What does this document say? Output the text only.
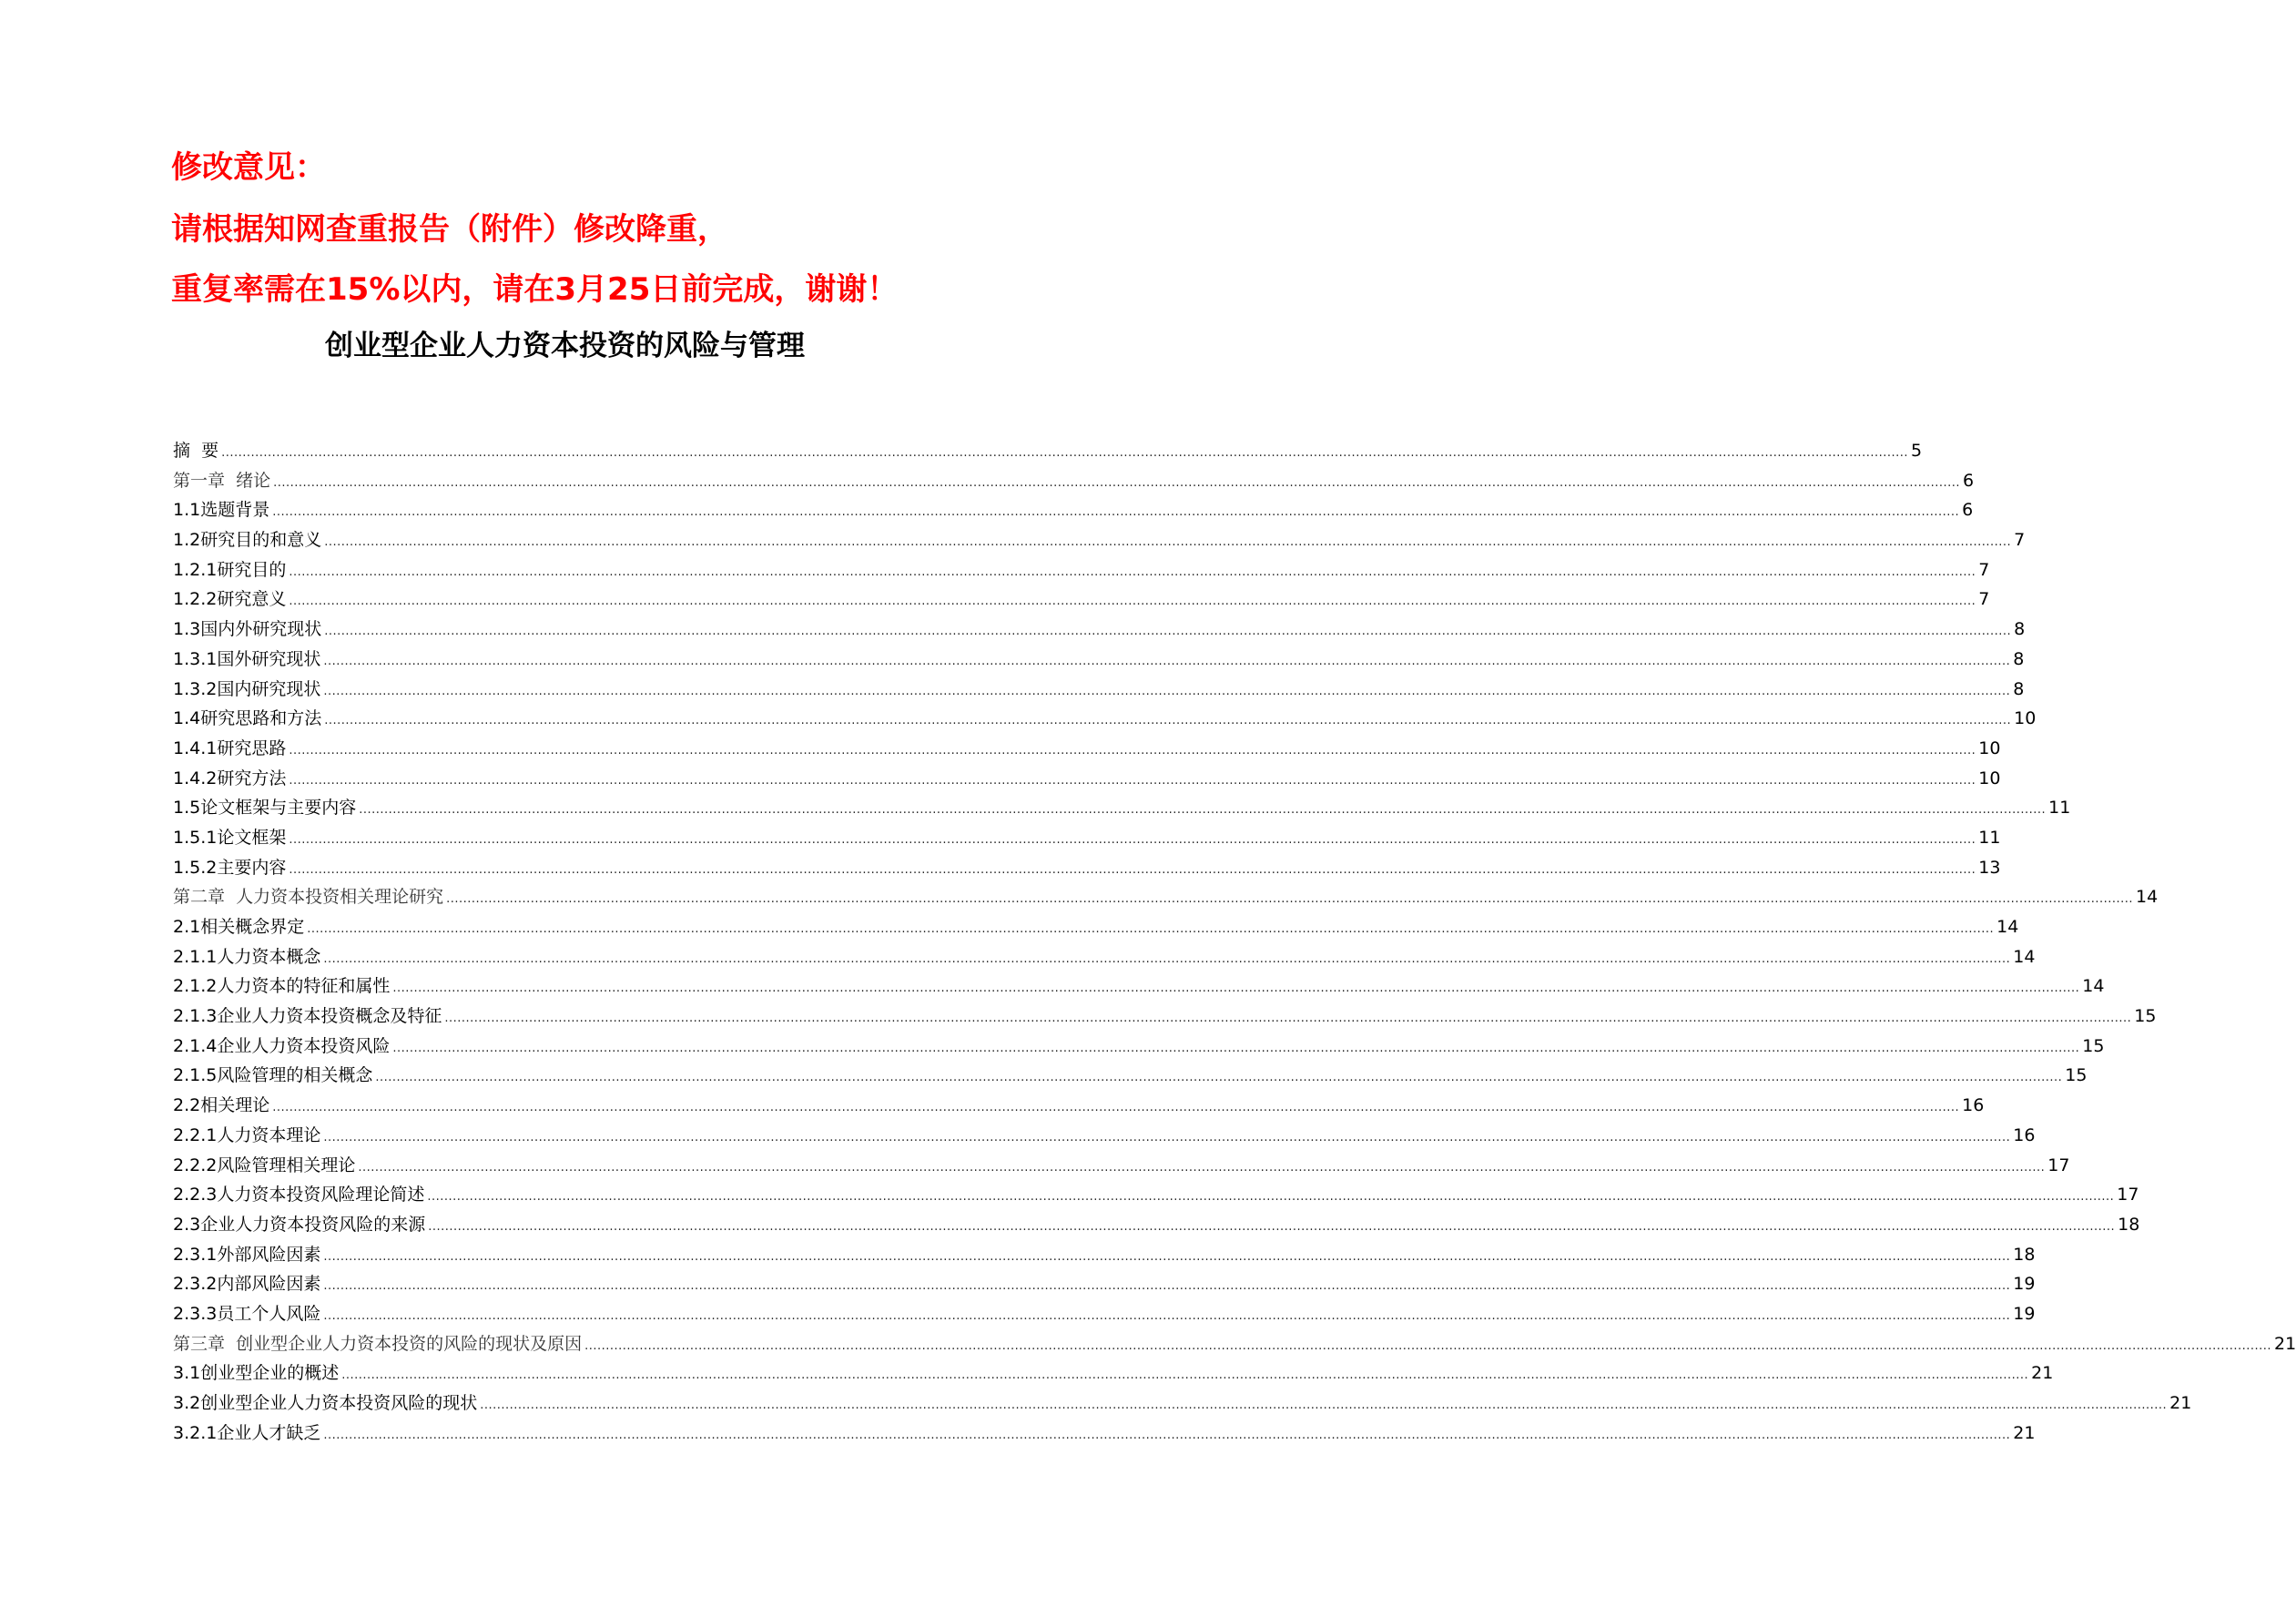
修改意见：
请根据知网查重报告（附件）修改降重，
重复率需在15%以内，请在3月25日前完成，谢谢！
创业型企业人力资本投资的风险与管理
摘  要 ................................................................................................................................................................................................................................................................................................................................................................................................................ 5
第一章  绪论 ................................................................................................................................................................................................................................................................................................................................................................................................................ 6
1.1选题背景 ................................................................................................................................................................................................................................................................................................................................................................................................................ 6
1.2研究目的和意义 ................................................................................................................................................................................................................................................................................................................................................................................................................ 7
1.2.1研究目的 ................................................................................................................................................................................................................................................................................................................................................................................................................ 7
1.2.2研究意义 ................................................................................................................................................................................................................................................................................................................................................................................................................ 7
1.3国内外研究现状 ................................................................................................................................................................................................................................................................................................................................................................................................................ 8
1.3.1国外研究现状 ................................................................................................................................................................................................................................................................................................................................................................................................................ 8
1.3.2国内研究现状 ................................................................................................................................................................................................................................................................................................................................................................................................................ 8
1.4研究思路和方法 ................................................................................................................................................................................................................................................................................................................................................................................................................ 10
1.4.1研究思路 ................................................................................................................................................................................................................................................................................................................................................................................................................ 10
1.4.2研究方法 ................................................................................................................................................................................................................................................................................................................................................................................................................ 10
1.5论文框架与主要内容 ................................................................................................................................................................................................................................................................................................................................................................................................................ 11
1.5.1论文框架 ................................................................................................................................................................................................................................................................................................................................................................................................................ 11
1.5.2主要内容 ................................................................................................................................................................................................................................................................................................................................................................................................................ 13
第二章  人力资本投资相关理论研究 ................................................................................................................................................................................................................................................................................................................................................................................................................ 14
2.1相关概念界定 ................................................................................................................................................................................................................................................................................................................................................................................................................ 14
2.1.1人力资本概念 ................................................................................................................................................................................................................................................................................................................................................................................................................ 14
2.1.2人力资本的特征和属性 ................................................................................................................................................................................................................................................................................................................................................................................................................ 14
2.1.3企业人力资本投资概念及特征 ................................................................................................................................................................................................................................................................................................................................................................................................................ 15
2.1.4企业人力资本投资风险 ................................................................................................................................................................................................................................................................................................................................................................................................................ 15
2.1.5风险管理的相关概念 ................................................................................................................................................................................................................................................................................................................................................................................................................ 15
2.2相关理论 ................................................................................................................................................................................................................................................................................................................................................................................................................ 16
2.2.1人力资本理论 ................................................................................................................................................................................................................................................................................................................................................................................................................ 16
2.2.2风险管理相关理论 ................................................................................................................................................................................................................................................................................................................................................................................................................ 17
2.2.3人力资本投资风险理论简述 ................................................................................................................................................................................................................................................................................................................................................................................................................ 17
2.3企业人力资本投资风险的来源 ................................................................................................................................................................................................................................................................................................................................................................................................................ 18
2.3.1外部风险因素 ................................................................................................................................................................................................................................................................................................................................................................................................................ 18
2.3.2内部风险因素 ................................................................................................................................................................................................................................................................................................................................................................................................................ 19
2.3.3员工个人风险 ................................................................................................................................................................................................................................................................................................................................................................................................................ 19
第三章  创业型企业人力资本投资的风险的现状及原因 ................................................................................................................................................................................................................................................................................................................................................................................................................ 21
3.1创业型企业的概述 ................................................................................................................................................................................................................................................................................................................................................................................................................ 21
3.2创业型企业人力资本投资风险的现状 ................................................................................................................................................................................................................................................................................................................................................................................................................ 21
3.2.1企业人才缺乏 ................................................................................................................................................................................................................................................................................................................................................................................................................ 21
